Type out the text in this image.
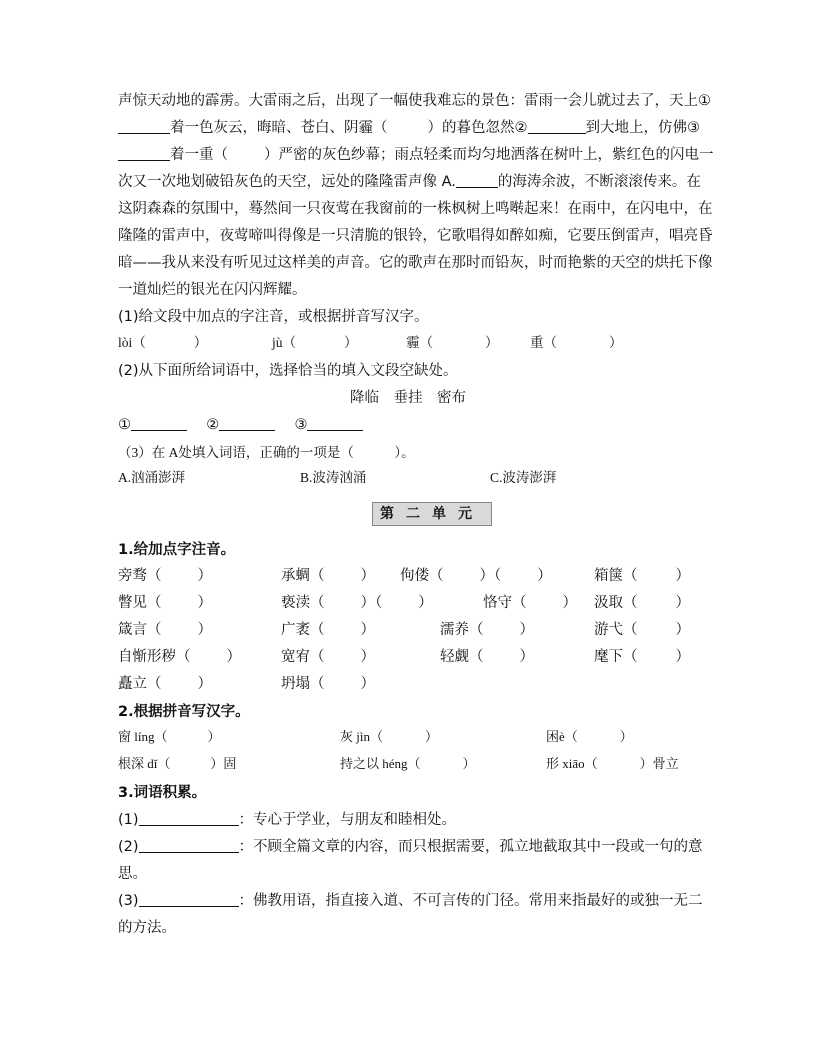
声惊天动地的霹雳。大雷雨之后，出现了一幅使我难忘的景色：雷雨一会儿就过去了，天上①
着一色灰云，晦暗、苍白、阴霾（	）的暮色忽然②	到大地上，仿佛③
着一重（ ）严密的灰色纱幕；雨点轻柔而均匀地洒落在树叶上，紫红色的闪电一
次又一次地划破铅灰色的天空，远处的隆隆雷声像 A.	的海涛余波，不断滚滚传来。在
这阴森森的氛围中，蓦然间一只夜莺在我窗前的一株枫树上鸣啭起来！在雨中，在闪电中，在
隆隆的雷声中，夜莺啼叫得像是一只清脆的银铃，它歌唱得如醉如痴，它要压倒雷声，唱亮昏
暗——我从来没有听见过这样美的声音。它的歌声在那时而铅灰，时而艳紫的天空的烘托下像
一道灿烂的银光在闪闪辉耀。
(1)给文段中加点的字注音，或根据拼音写汉字。
lòi（	）	jù（	）	霾（	） 重（	）
(2)从下面所给词语中，选择恰当的填入文段空缺处。
降临　垂挂　密布
①	②	③
（3）在 A处填入词语，正确的一项是（　　　）。
A.汹涌澎湃	B.波涛汹涌	C.波涛澎湃
第二单元
1.给加点字注音。
旁骛（ ）	承蜩（ ） 佝偻（ ）（ ）	箱箧（	）
瞥见（ ）	亵渎（ ）（ ）	恪守（ ） 汲取（	）
箴言（ ）	广袤（ ）	濡养（ ）	游弋（	）
自惭形秽（ ）	宽宥（ ）	轻觑（ ）	麾下（	）
矗立（ ）	坍塌（ ）
2.根据拼音写汉字。
窗 líng（	）	灰 jìn（	）	困è（	）
根深 dǐ（	）固	持之以 héng（	）	形 xiāo（	）骨立
3.词语积累。
(1)	：专心于学业，与朋友和睦相处。
(2)	：不顾全篇文章的内容，而只根据需要，孤立地截取其中一段或一句的意
思。
(3)	：佛教用语，指直接入道、不可言传的门径。常用来指最好的或独一无二
的方法。
